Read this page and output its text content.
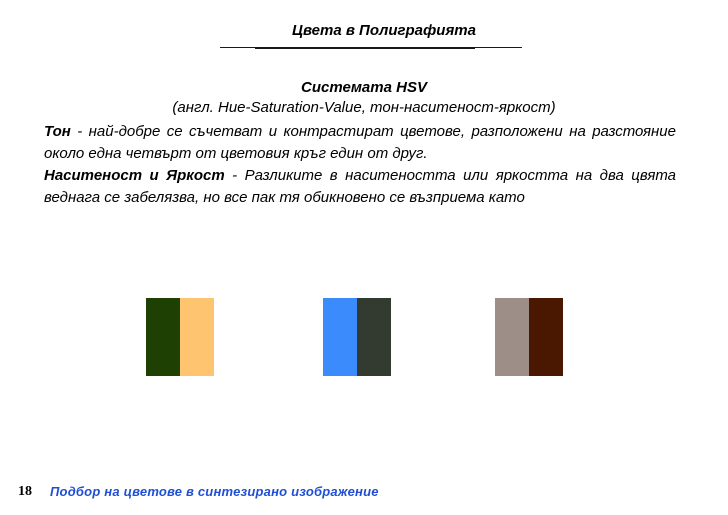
Цвета в Полиграфията
Системата HSV
(англ. Hue-Saturation-Value, тон-наситеност-яркост)

Тон - най-добре се съчетват и контрастират цветове, разположени на разстояние около една четвърт от цветовия кръг един от друг.

Наситеност и Яркост - Разликите в наситеността или яркостта на два цвята веднага се забелязва, но все пак тя обикновено се възприема като

18 Подбор на цветове в синтезирано изображение
